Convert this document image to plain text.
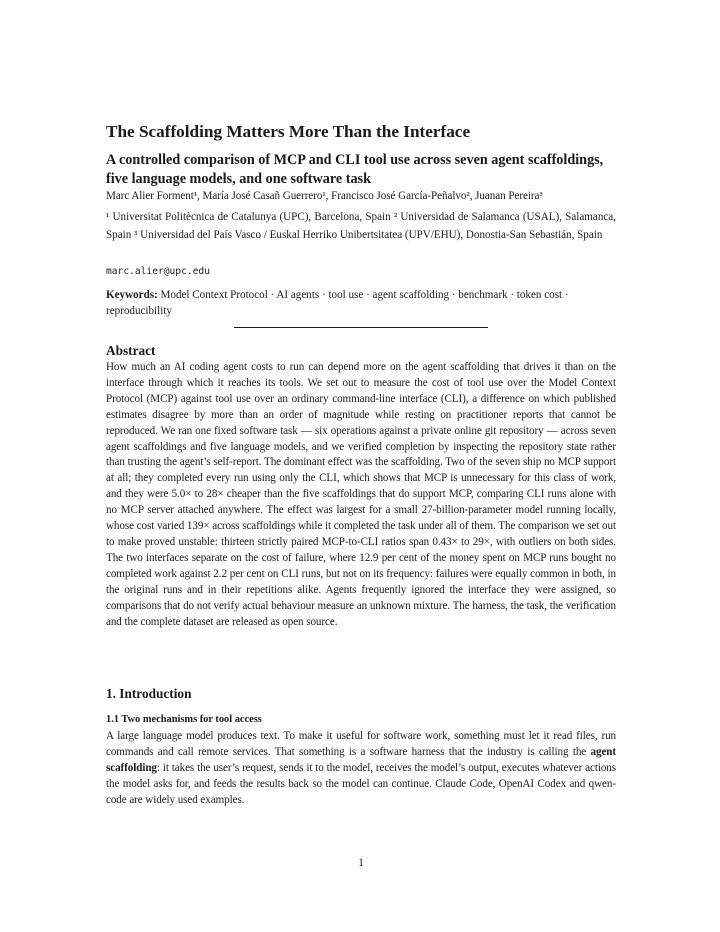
The Scaffolding Matters More Than the Interface
A controlled comparison of MCP and CLI tool use across seven agent scaffoldings, five language models, and one software task

Marc Alier Forment¹, María José Casañ Guerrero¹, Francisco José García-Peñalvo², Juanan Pereira³

¹ Universitat Politècnica de Catalunya (UPC), Barcelona, Spain ² Universidad de Salamanca (USAL), Salamanca, Spain ³ Universidad del País Vasco / Euskal Herriko Unibertsitatea (UPV/EHU), Donostia-San Sebastián, Spain

marc.alier@upc.edu

Keywords: Model Context Protocol · AI agents · tool use · agent scaffolding · benchmark · token cost · reproducibility

Abstract

How much an AI coding agent costs to run can depend more on the agent scaffolding that drives it than on the interface through which it reaches its tools. We set out to measure the cost of tool use over the Model Context Protocol (MCP) against tool use over an ordinary command-line interface (CLI), a difference on which published estimates disagree by more than an order of magnitude while resting on practitioner reports that cannot be reproduced. We ran one fixed software task — six operations against a private online git repository — across seven agent scaffoldings and five language models, and we verified completion by inspecting the repository state rather than trusting the agent’s self-report. The dominant effect was the scaffolding. Two of the seven ship no MCP support at all; they completed every run using only the CLI, which shows that MCP is unnecessary for this class of work, and they were 5.0× to 28× cheaper than the five scaffoldings that do support MCP, comparing CLI runs alone with no MCP server attached anywhere. The effect was largest for a small 27-billion-parameter model running locally, whose cost varied 139× across scaffoldings while it completed the task under all of them. The comparison we set out to make proved unstable: thirteen strictly paired MCP-to-CLI ratios span 0.43× to 29×, with outliers on both sides. The two interfaces separate on the cost of failure, where 12.9 per cent of the money spent on MCP runs bought no completed work against 2.2 per cent on CLI runs, but not on its frequency: failures were equally common in both, in the original runs and in their repetitions alike. Agents frequently ignored the interface they were assigned, so comparisons that do not verify actual behaviour measure an unknown mixture. The harness, the task, the verification and the complete dataset are released as open source.

1. Introduction
1.1 Two mechanisms for tool access

A large language model produces text. To make it useful for software work, something must let it read files, run commands and call remote services. That something is a software harness that the industry is calling the agent scaffolding: it takes the user’s request, sends it to the model, receives the model’s output, executes whatever actions the model asks for, and feeds the results back so the model can continue. Claude Code, OpenAI Codex and qwen-code are widely used examples.

1
